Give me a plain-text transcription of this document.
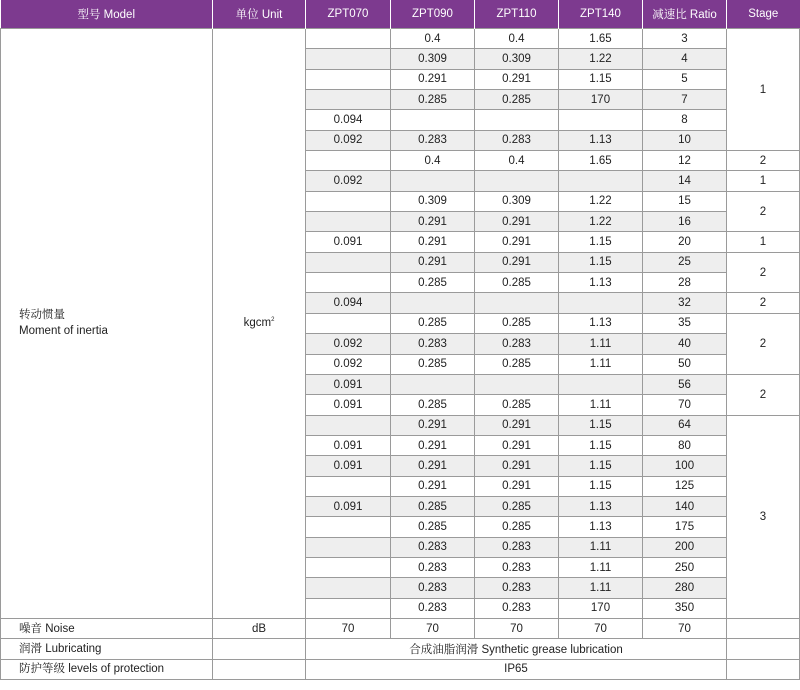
型号 Model	单位 Unit	ZPT070	ZPT090	ZPT110	ZPT140	减速比 Ratio	Stage

转动惯量
Moment of inertia	kgcm$^2$		0.4	0.4	1.65	3	1
			0.309	0.309	1.22	4	
			0.291	0.291	1.15	5	
			0.285	0.285	170	7	
		0.094				8	
		0.092	0.283	0.283	1.13	10	
			0.4	0.4	1.65	12	2
		0.092				14	1
			0.309	0.309	1.22	15	2
			0.291	0.291	1.22	16	
		0.091	0.291	0.291	1.15	20	1
			0.291	0.291	1.15	25	2
			0.285	0.285	1.13	28	
		0.094				32	2
			0.285	0.285	1.13	35	2
		0.092	0.283	0.283	1.11	40	
		0.092	0.285	0.285	1.11	50	
		0.091				56	2
		0.091	0.285	0.285	1.11	70	
			0.291	0.291	1.15	64	3
		0.091	0.291	0.291	1.15	80	
		0.091	0.291	0.291	1.15	100	
			0.291	0.291	1.15	125	
		0.091	0.285	0.285	1.13	140	
			0.285	0.285	1.13	175	
			0.283	0.283	1.11	200	
			0.283	0.283	1.11	250	
			0.283	0.283	1.11	280	
			0.283	0.283	170	350	
噪音 Noise	dB	70	70	70	70	70	
润滑 Lubricating		合成油脂润滑 Synthetic grease lubrication					
防护等级 levels of protection		IP65					
